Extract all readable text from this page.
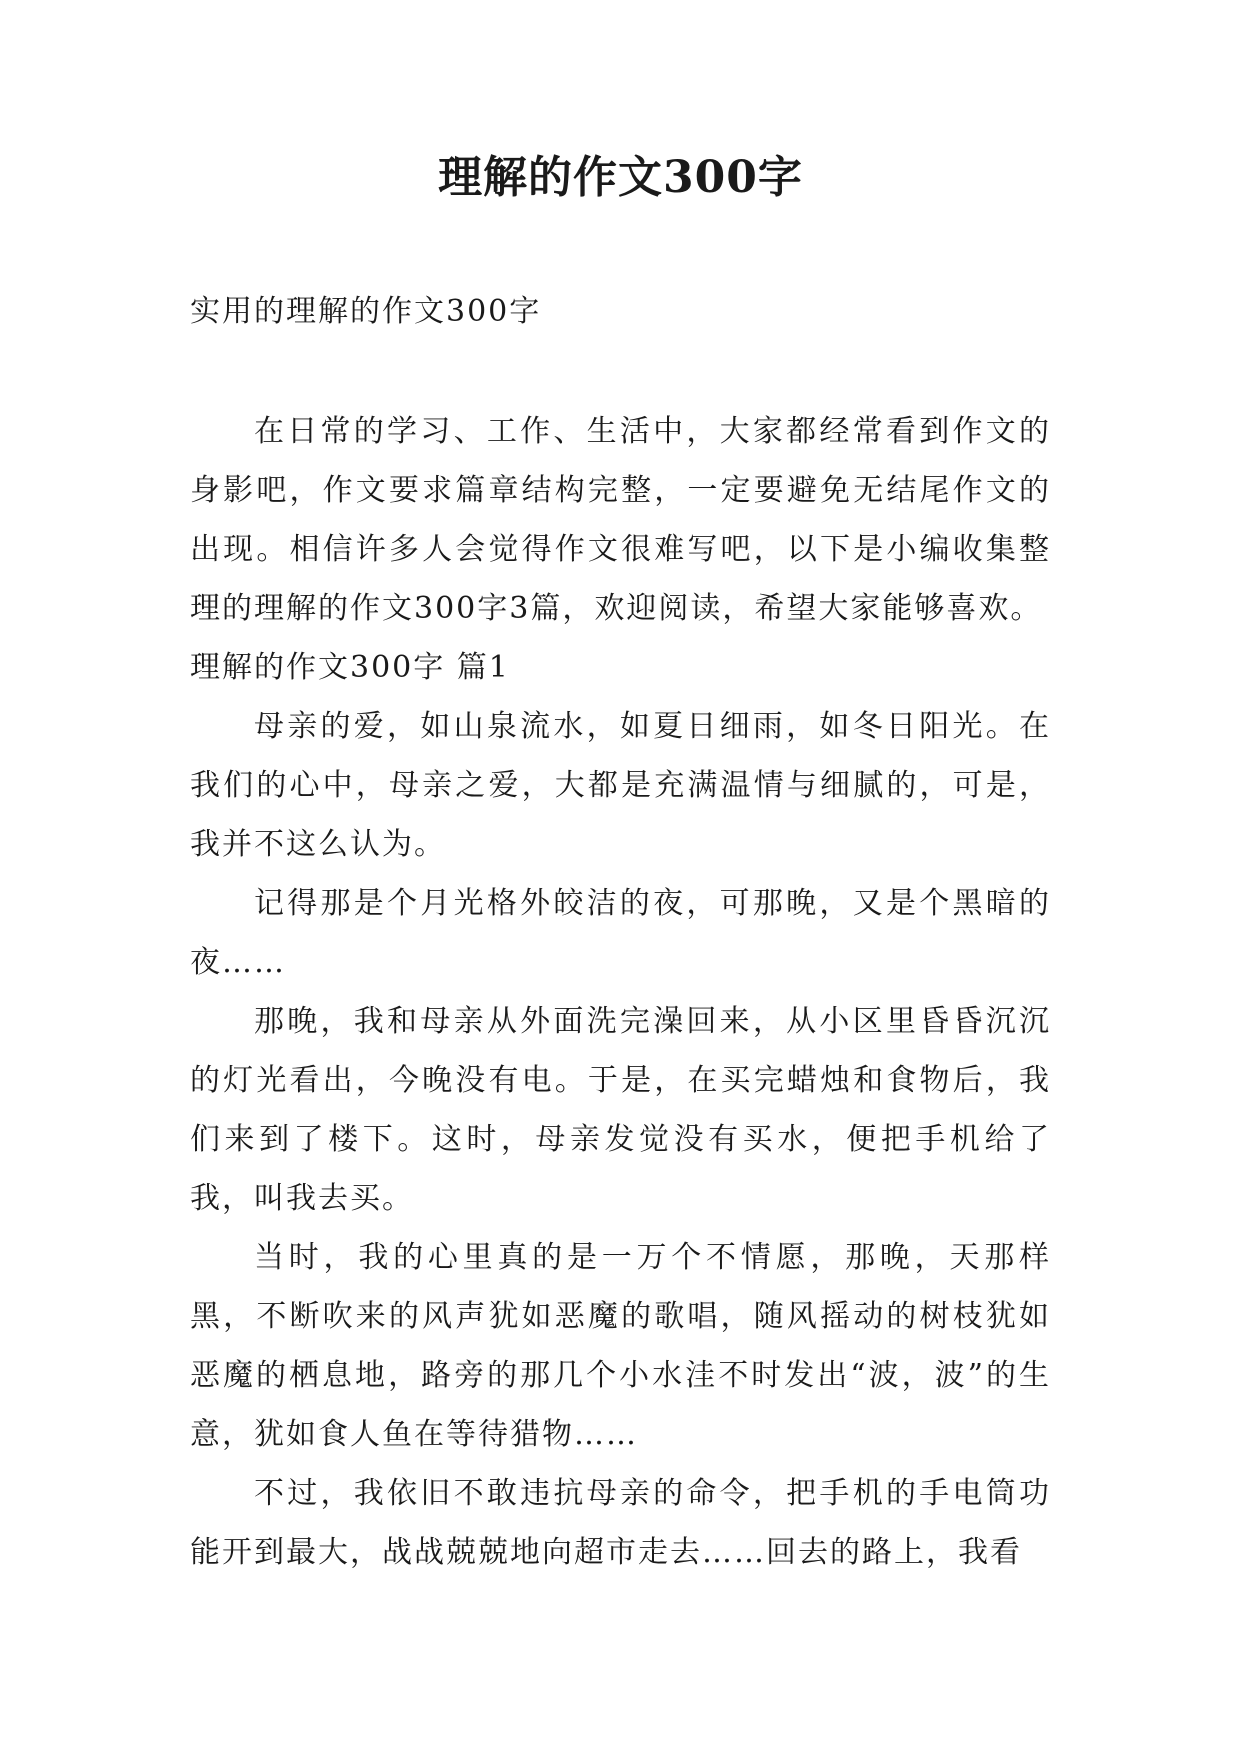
理解的作文300字
实用的理解的作文300字

在日常的学习、工作、生活中，大家都经常看到作文的身影吧，作文要求篇章结构完整，一定要避免无结尾作文的出现。相信许多人会觉得作文很难写吧，以下是小编收集整理的理解的作文300字3篇，欢迎阅读，希望大家能够喜欢。

理解的作文300字 篇1

母亲的爱，如山泉流水，如夏日细雨，如冬日阳光。在我们的心中，母亲之爱，大都是充满温情与细腻的，可是，我并不这么认为。

记得那是个月光格外皎洁的夜，可那晚，又是个黑暗的夜……

那晚，我和母亲从外面洗完澡回来，从小区里昏昏沉沉的灯光看出，今晚没有电。于是，在买完蜡烛和食物后，我们来到了楼下。这时，母亲发觉没有买水，便把手机给了我，叫我去买。

当时，我的心里真的是一万个不情愿，那晚，天那样黑，不断吹来的风声犹如恶魔的歌唱，随风摇动的树枝犹如恶魔的栖息地，路旁的那几个小水洼不时发出“波，波”的生意，犹如食人鱼在等待猎物……

不过，我依旧不敢违抗母亲的命令，把手机的手电筒功能开到最大，战战兢兢地向超市走去……回去的路上，我看
